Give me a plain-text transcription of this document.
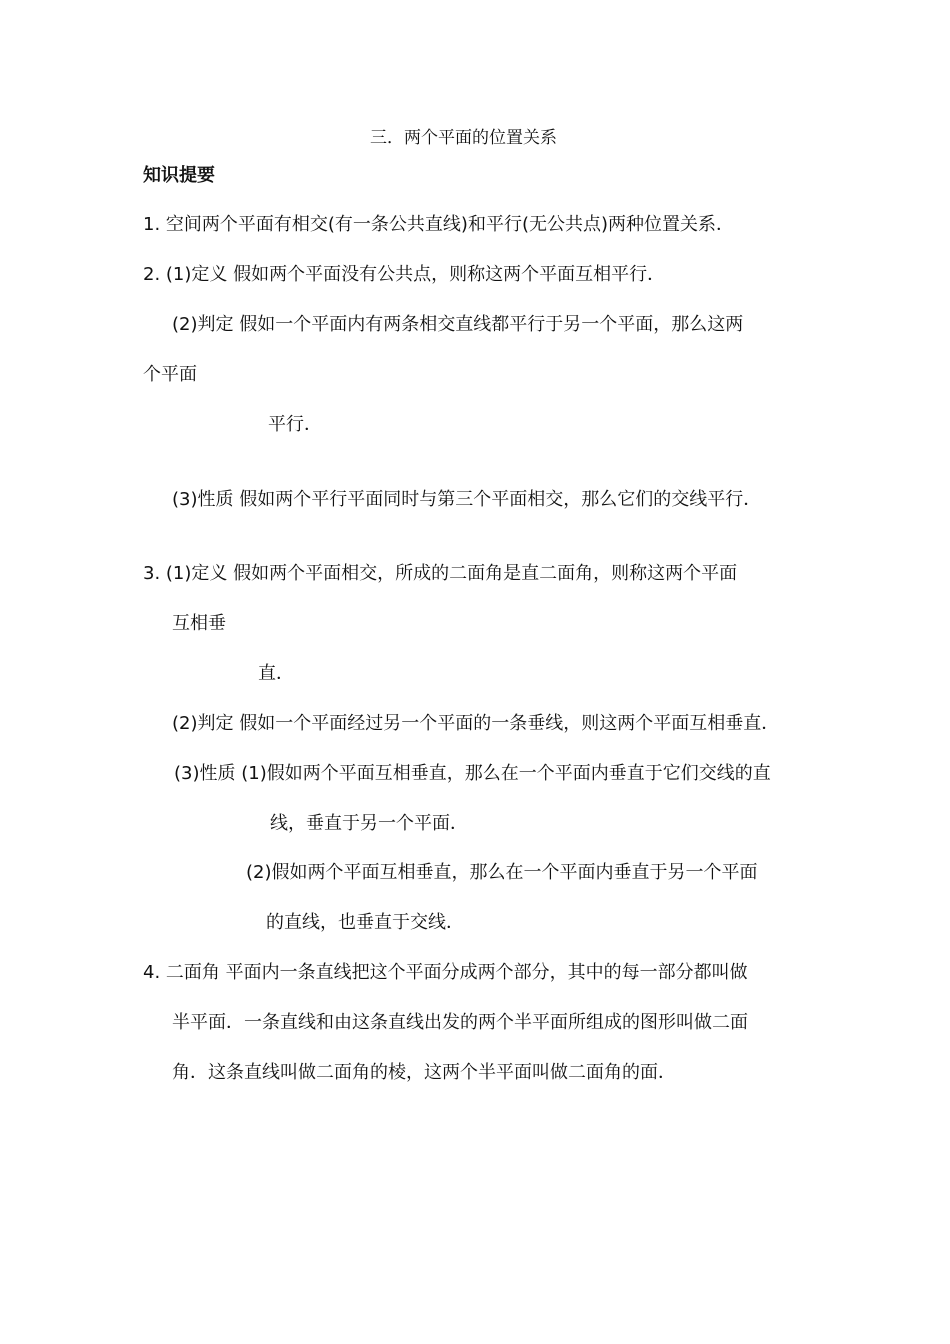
三．两个平面的位置关系
知识提要
1. 空间两个平面有相交(有一条公共直线)和平行(无公共点)两种位置关系．
2. (1)定义 假如两个平面没有公共点，则称这两个平面互相平行．
(2)判定 假如一个平面内有两条相交直线都平行于另一个平面，那么这两
个平面
平行．
(3)性质 假如两个平行平面同时与第三个平面相交，那么它们的交线平行．
3. (1)定义 假如两个平面相交，所成的二面角是直二面角，则称这两个平面
互相垂
直．
(2)判定 假如一个平面经过另一个平面的一条垂线，则这两个平面互相垂直．
(3)性质 (1)假如两个平面互相垂直，那么在一个平面内垂直于它们交线的直
线，垂直于另一个平面．
(2)假如两个平面互相垂直，那么在一个平面内垂直于另一个平面
的直线，也垂直于交线．
4. 二面角 平面内一条直线把这个平面分成两个部分，其中的每一部分都叫做
半平面．一条直线和由这条直线出发的两个半平面所组成的图形叫做二面
角．这条直线叫做二面角的棱，这两个半平面叫做二面角的面．
